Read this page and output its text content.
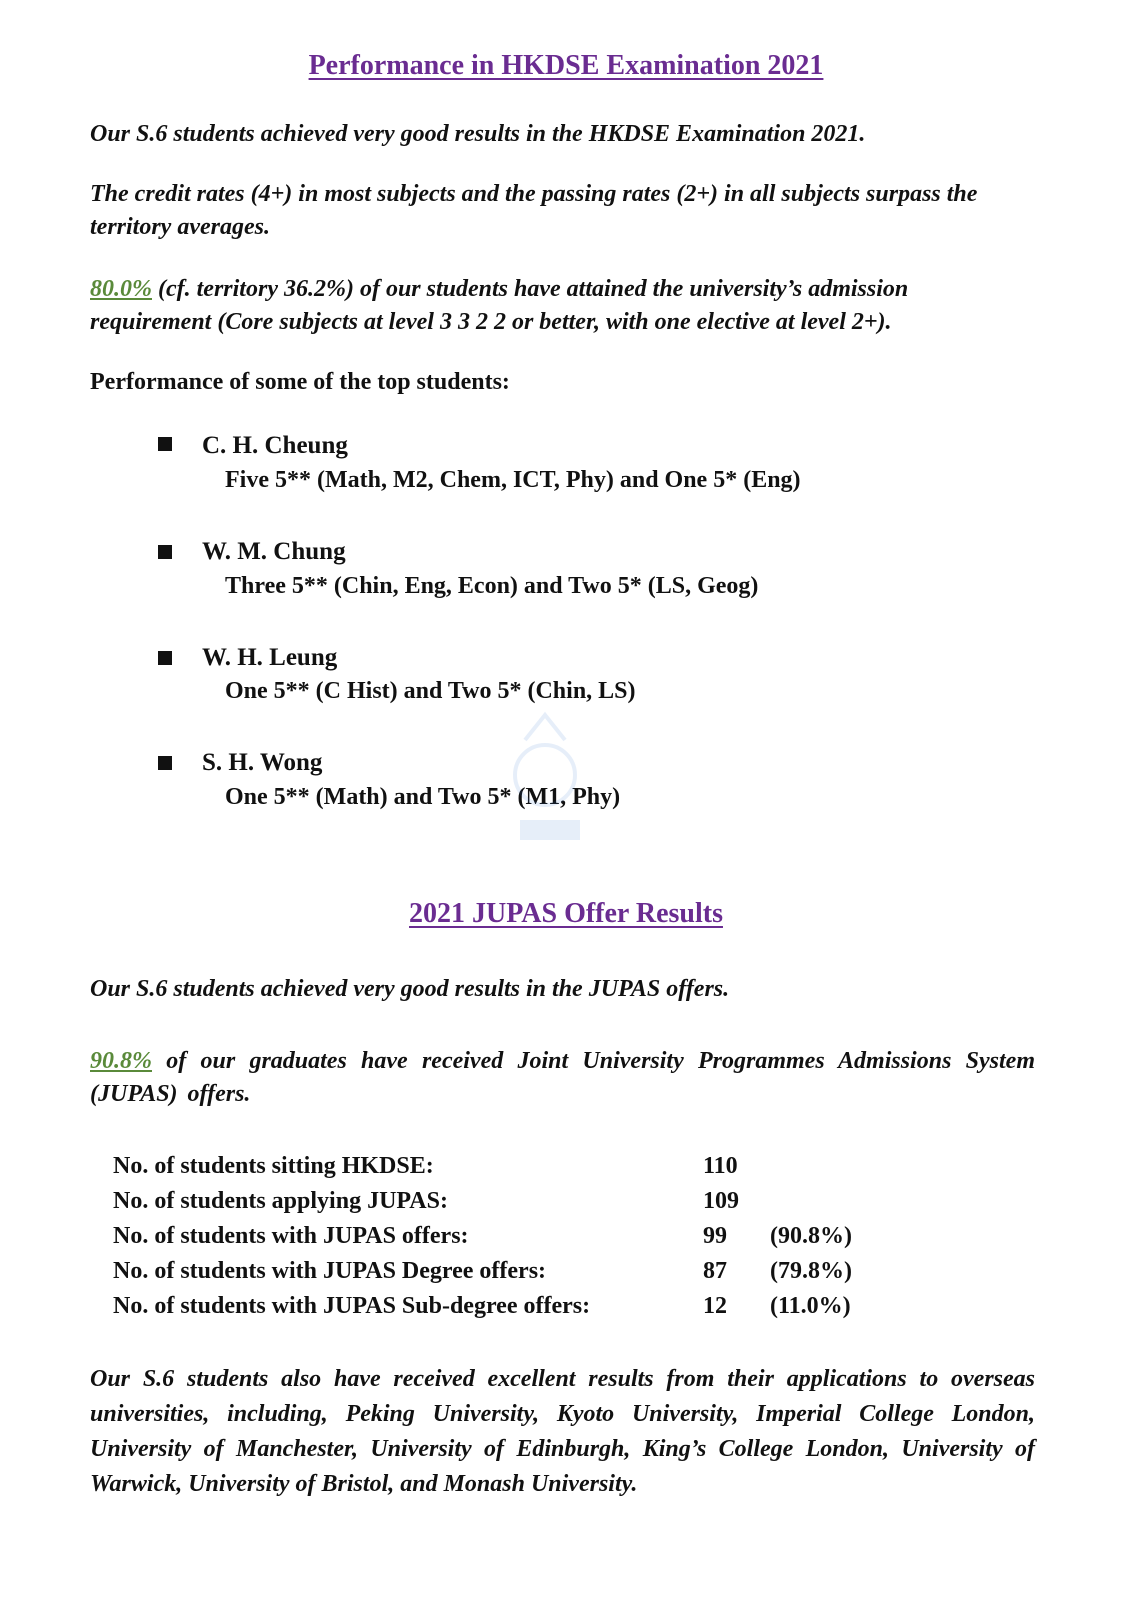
Performance in HKDSE Examination 2021
Our S.6 students achieved very good results in the HKDSE Examination 2021.
The credit rates (4+) in most subjects and the passing rates (2+) in all subjects surpass the territory averages.
80.0% (cf. territory 36.2%) of our students have attained the university’s admission requirement (Core subjects at level 3 3 2 2 or better, with one elective at level 2+).
Performance of some of the top students:
C. H. Cheung
Five 5** (Math, M2, Chem, ICT, Phy) and One 5* (Eng)
W. M. Chung
Three 5** (Chin, Eng, Econ) and Two 5* (LS, Geog)
W. H. Leung
One 5** (C Hist) and Two 5* (Chin, LS)
S. H. Wong
One 5** (Math) and Two 5* (M1, Phy)
2021 JUPAS Offer Results
Our S.6 students achieved very good results in the JUPAS offers.
90.8% of our graduates have received Joint University Programmes Admissions System (JUPAS) offers.
No. of students sitting HKDSE:	110
No. of students applying JUPAS:	109
No. of students with JUPAS offers:	99 (90.8%)
No. of students with JUPAS Degree offers:	87 (79.8%)
No. of students with JUPAS Sub-degree offers:	12 (11.0%)
Our S.6 students also have received excellent results from their applications to overseas universities, including, Peking University, Kyoto University, Imperial College London, University of Manchester, University of Edinburgh, King’s College London, University of Warwick, University of Bristol, and Monash University.
